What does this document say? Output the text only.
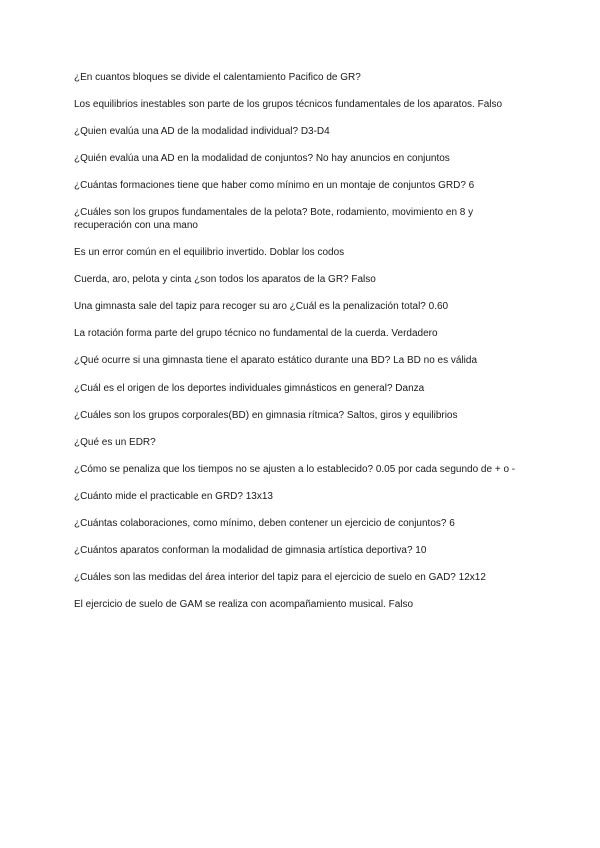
¿En cuantos bloques se divide el calentamiento Pacifico de GR?

Los equilibrios inestables son parte de los grupos técnicos fundamentales de los aparatos. Falso

¿Quien evalúa una AD de la modalidad individual? D3-D4

¿Quién evalúa una AD en la modalidad de conjuntos? No hay anuncios en conjuntos

¿Cuántas formaciones tiene que haber como mínimo en un montaje de conjuntos GRD? 6

¿Cuáles son los grupos fundamentales de la pelota? Bote, rodamiento, movimiento en 8 y recuperación con una mano

Es un error común en el equilibrio invertido. Doblar los codos

Cuerda, aro, pelota y cinta ¿son todos los aparatos de la GR? Falso

Una gimnasta sale del tapiz para recoger su aro ¿Cuál es la penalización total? 0.60

La rotación forma parte del grupo técnico no fundamental de la cuerda. Verdadero

¿Qué ocurre si una gimnasta tiene el aparato estático durante una BD? La BD no es válida

¿Cuál es el origen de los deportes individuales gimnásticos en general? Danza

¿Cuáles son los grupos corporales(BD) en gimnasia rítmica? Saltos, giros y equilibrios

¿Qué es un EDR?

¿Cómo se penaliza que los tiempos no se ajusten a lo establecido? 0.05 por cada segundo de + o -

¿Cuánto mide el practicable en GRD? 13x13

¿Cuántas colaboraciones, como mínimo, deben contener un ejercicio de conjuntos? 6

¿Cuántos aparatos conforman la modalidad de gimnasia artística deportiva? 10

¿Cuáles son las medidas del área interior del tapiz para el ejercicio de suelo en GAD? 12x12

El ejercicio de suelo de GAM se realiza con acompañamiento musical. Falso
